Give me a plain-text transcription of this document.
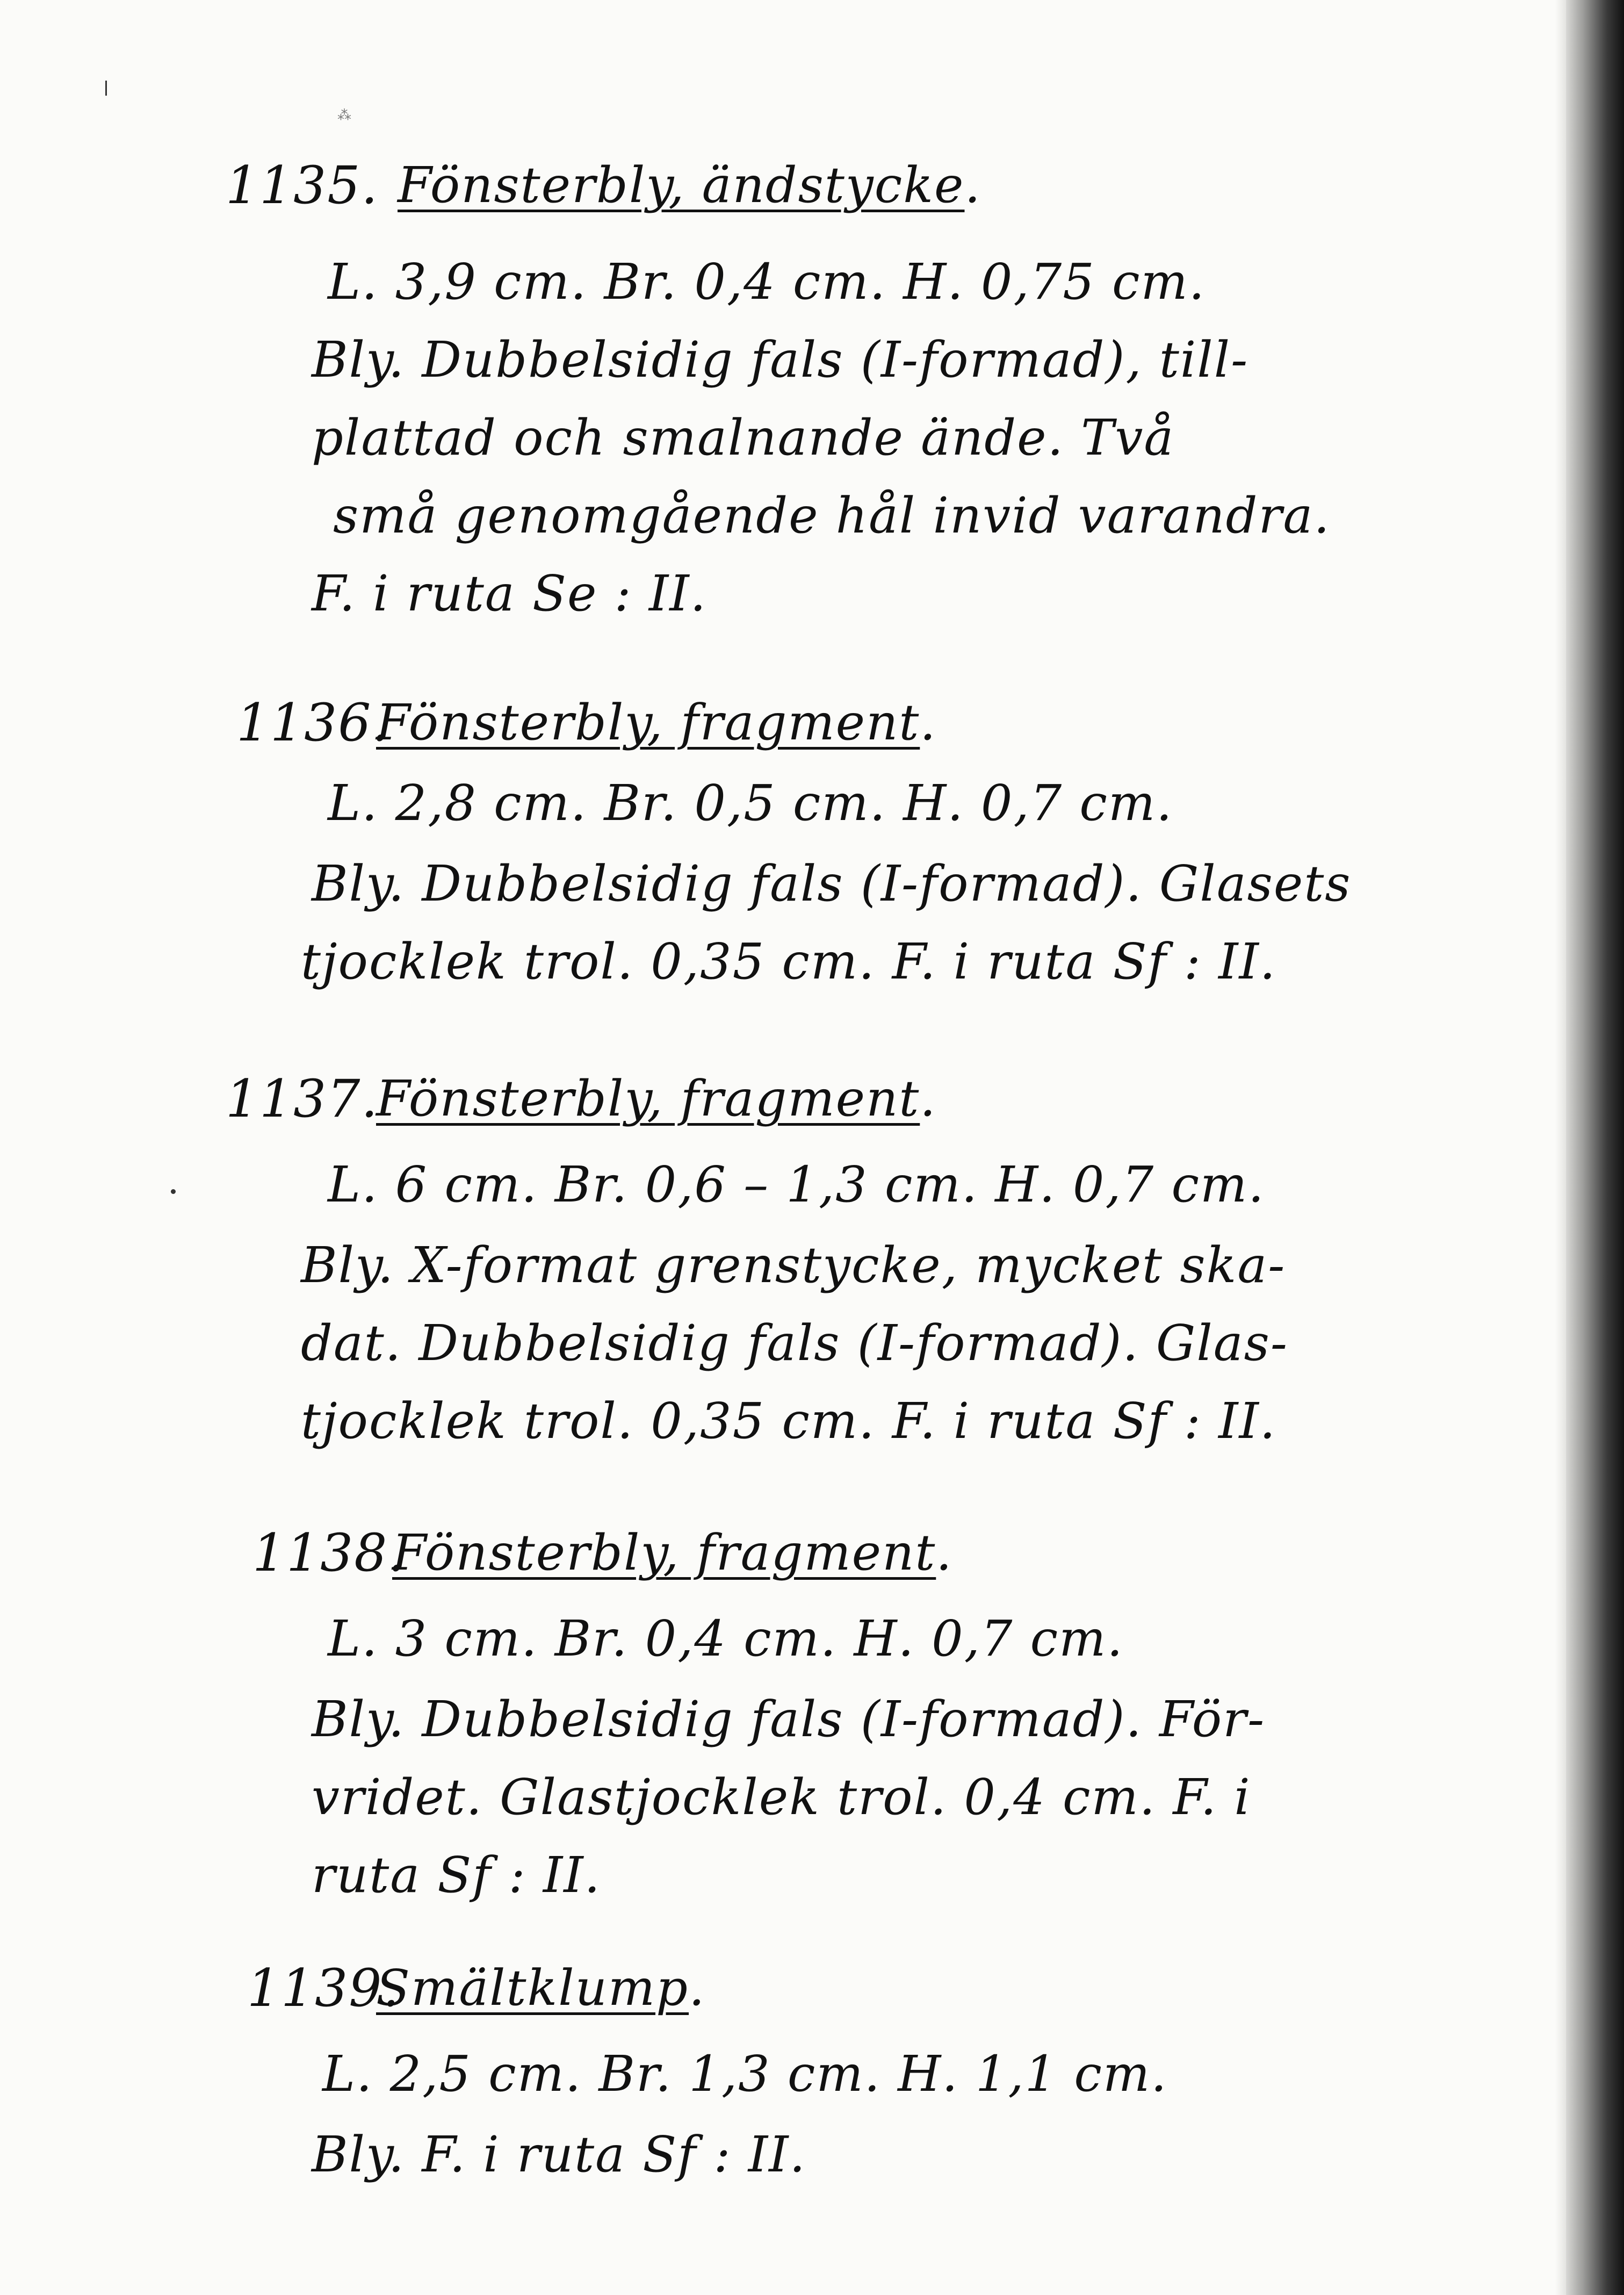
⁂
1135. Fönsterbly, ändstycke.
L. 3,9 cm. Br. 0,4 cm. H. 0,75 cm.
Bly. Dubbelsidig fals (I-formad), till-
plattad och smalnande ände. Två
små genomgående hål invid varandra.
F. i ruta Se : II.
1136.
Fönsterbly, fragment.
L. 2,8 cm. Br. 0,5 cm. H. 0,7 cm.
Bly. Dubbelsidig fals (I-formad). Glasets
tjocklek trol. 0,35 cm. F. i ruta Sf : II.
1137.
Fönsterbly, fragment.
L. 6 cm. Br. 0,6 – 1,3 cm. H. 0,7 cm.
Bly. X-format grenstycke, mycket ska-
dat. Dubbelsidig fals (I-formad). Glas-
tjocklek trol. 0,35 cm. F. i ruta Sf : II.
1138.
Fönsterbly, fragment.
L. 3 cm. Br. 0,4 cm. H. 0,7 cm.
Bly. Dubbelsidig fals (I-formad). För-
vridet. Glastjocklek trol. 0,4 cm. F. i
ruta Sf : II.
1139.
Smältklump.
L. 2,5 cm. Br. 1,3 cm. H. 1,1 cm.
Bly. F. i ruta Sf : II.
